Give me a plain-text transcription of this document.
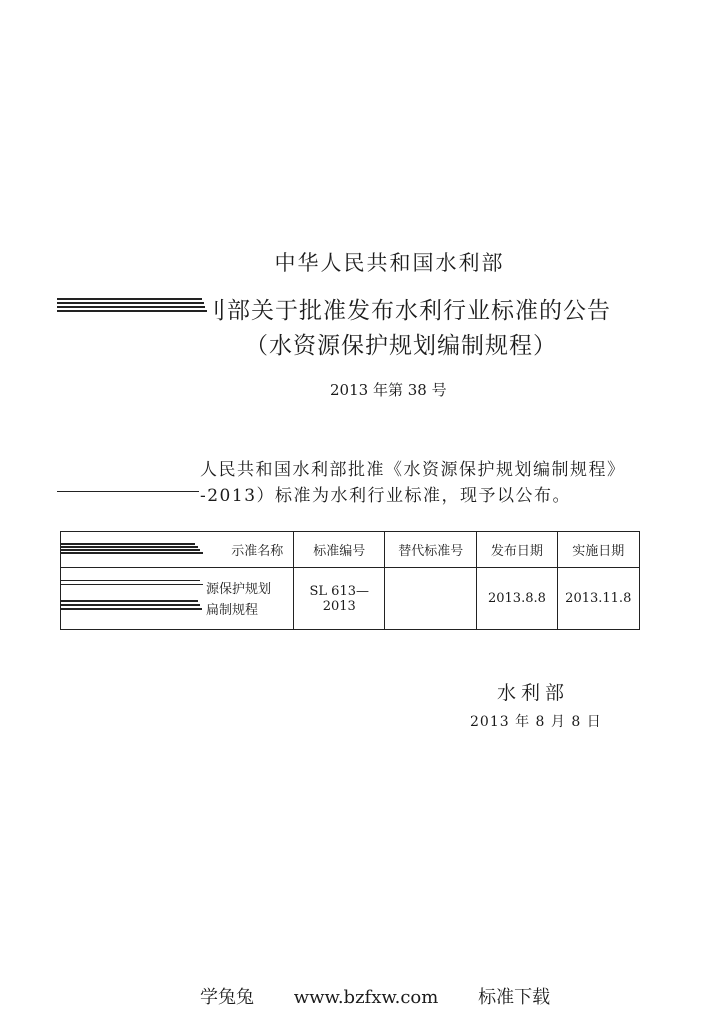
中华人民共和国水利部
刂部关于批准发布水利行业标准的公告
（水资源保护规划编制规程）
2013 年第 38 号
人民共和国水利部批准《水资源保护规划编制规程》
-2013）标准为水利行业标准，现予以公布。
示准名称	标准编号	替代标准号	发布日期	实施日期

源保护规划
扁制规程	SL 613—2013		2013.8.8	2013.11.8
水利部
2013 年 8 月 8 日
学兔兔 www.bzfxw.com 标准下载
